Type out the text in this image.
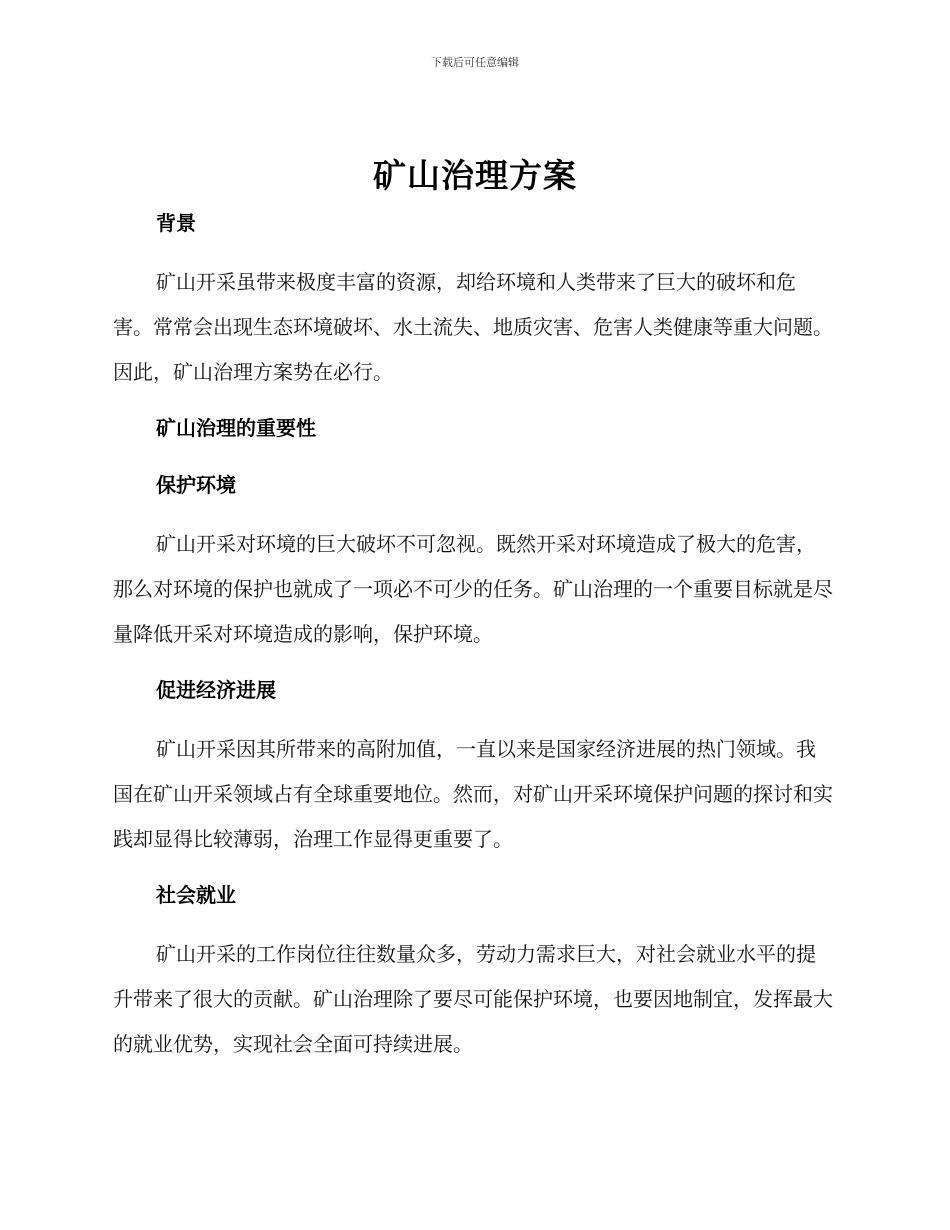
下载后可任意编辑
矿山治理方案
背景

矿山开采虽带来极度丰富的资源，却给环境和人类带来了巨大的破坏和危害。常常会出现生态环境破坏、水土流失、地质灾害、危害人类健康等重大问题。因此，矿山治理方案势在必行。

矿山治理的重要性
保护环境

矿山开采对环境的巨大破坏不可忽视。既然开采对环境造成了极大的危害，那么对环境的保护也就成了一项必不可少的任务。矿山治理的一个重要目标就是尽量降低开采对环境造成的影响，保护环境。

促进经济进展

矿山开采因其所带来的高附加值，一直以来是国家经济进展的热门领域。我国在矿山开采领域占有全球重要地位。然而，对矿山开采环境保护问题的探讨和实践却显得比较薄弱，治理工作显得更重要了。

社会就业

矿山开采的工作岗位往往数量众多，劳动力需求巨大，对社会就业水平的提升带来了很大的贡献。矿山治理除了要尽可能保护环境，也要因地制宜，发挥最大的就业优势，实现社会全面可持续进展。
